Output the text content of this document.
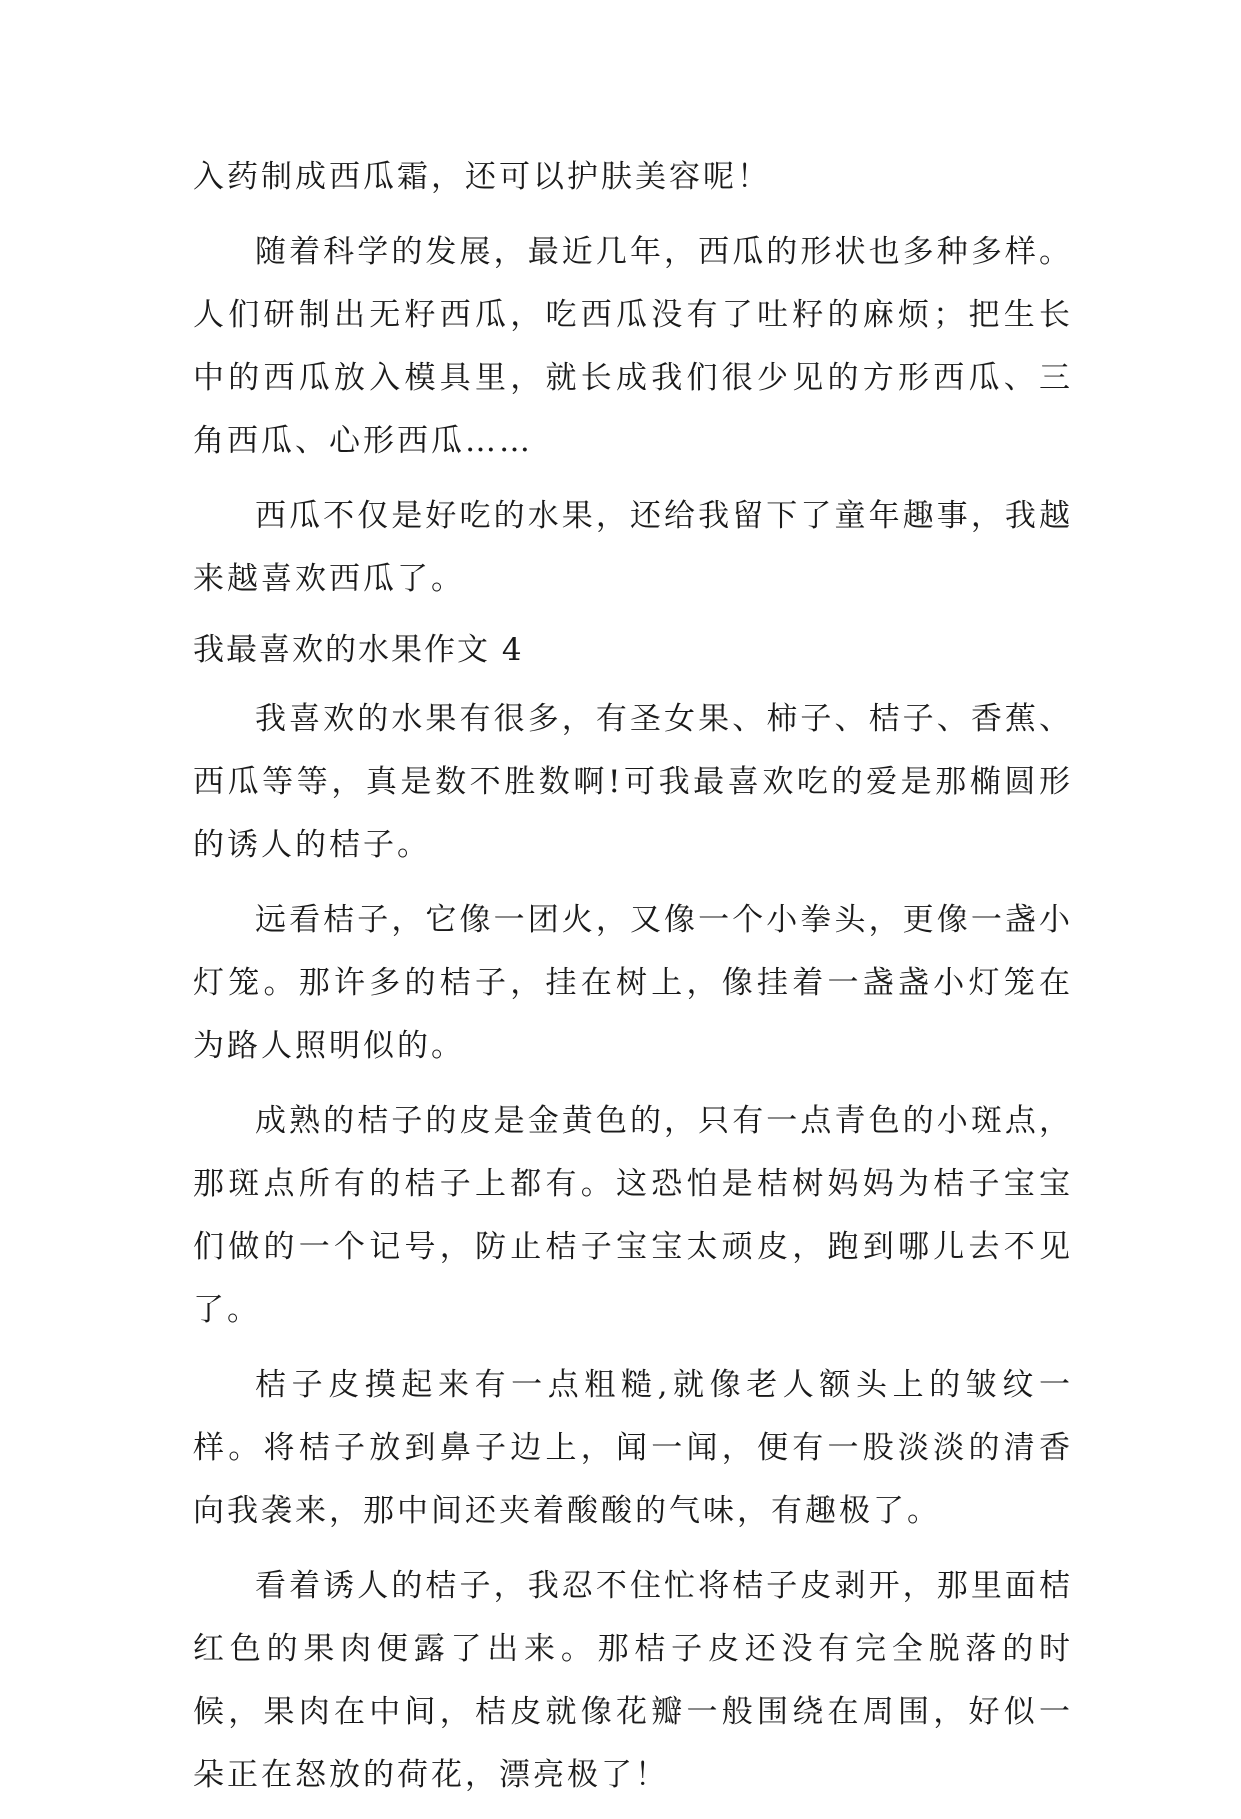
入药制成西瓜霜，还可以护肤美容呢！

随着科学的发展，最近几年，西瓜的形状也多种多样。人们研制出无籽西瓜，吃西瓜没有了吐籽的麻烦；把生长中的西瓜放入模具里，就长成我们很少见的方形西瓜、三角西瓜、心形西瓜……

西瓜不仅是好吃的水果，还给我留下了童年趣事，我越来越喜欢西瓜了。

我最喜欢的水果作文 4

我喜欢的水果有很多，有圣女果、柿子、桔子、香蕉、西瓜等等，真是数不胜数啊!可我最喜欢吃的爱是那椭圆形的诱人的桔子。

远看桔子，它像一团火，又像一个小拳头，更像一盏小灯笼。那许多的桔子，挂在树上，像挂着一盏盏小灯笼在为路人照明似的。

成熟的桔子的皮是金黄色的，只有一点青色的小斑点，那斑点所有的桔子上都有。这恐怕是桔树妈妈为桔子宝宝们做的一个记号，防止桔子宝宝太顽皮，跑到哪儿去不见了。

桔子皮摸起来有一点粗糙,就像老人额头上的皱纹一样。将桔子放到鼻子边上，闻一闻，便有一股淡淡的清香向我袭来，那中间还夹着酸酸的气味，有趣极了。

看着诱人的桔子，我忍不住忙将桔子皮剥开，那里面桔红色的果肉便露了出来。那桔子皮还没有完全脱落的时候，果肉在中间，桔皮就像花瓣一般围绕在周围，好似一朵正在怒放的荷花，漂亮极了！
